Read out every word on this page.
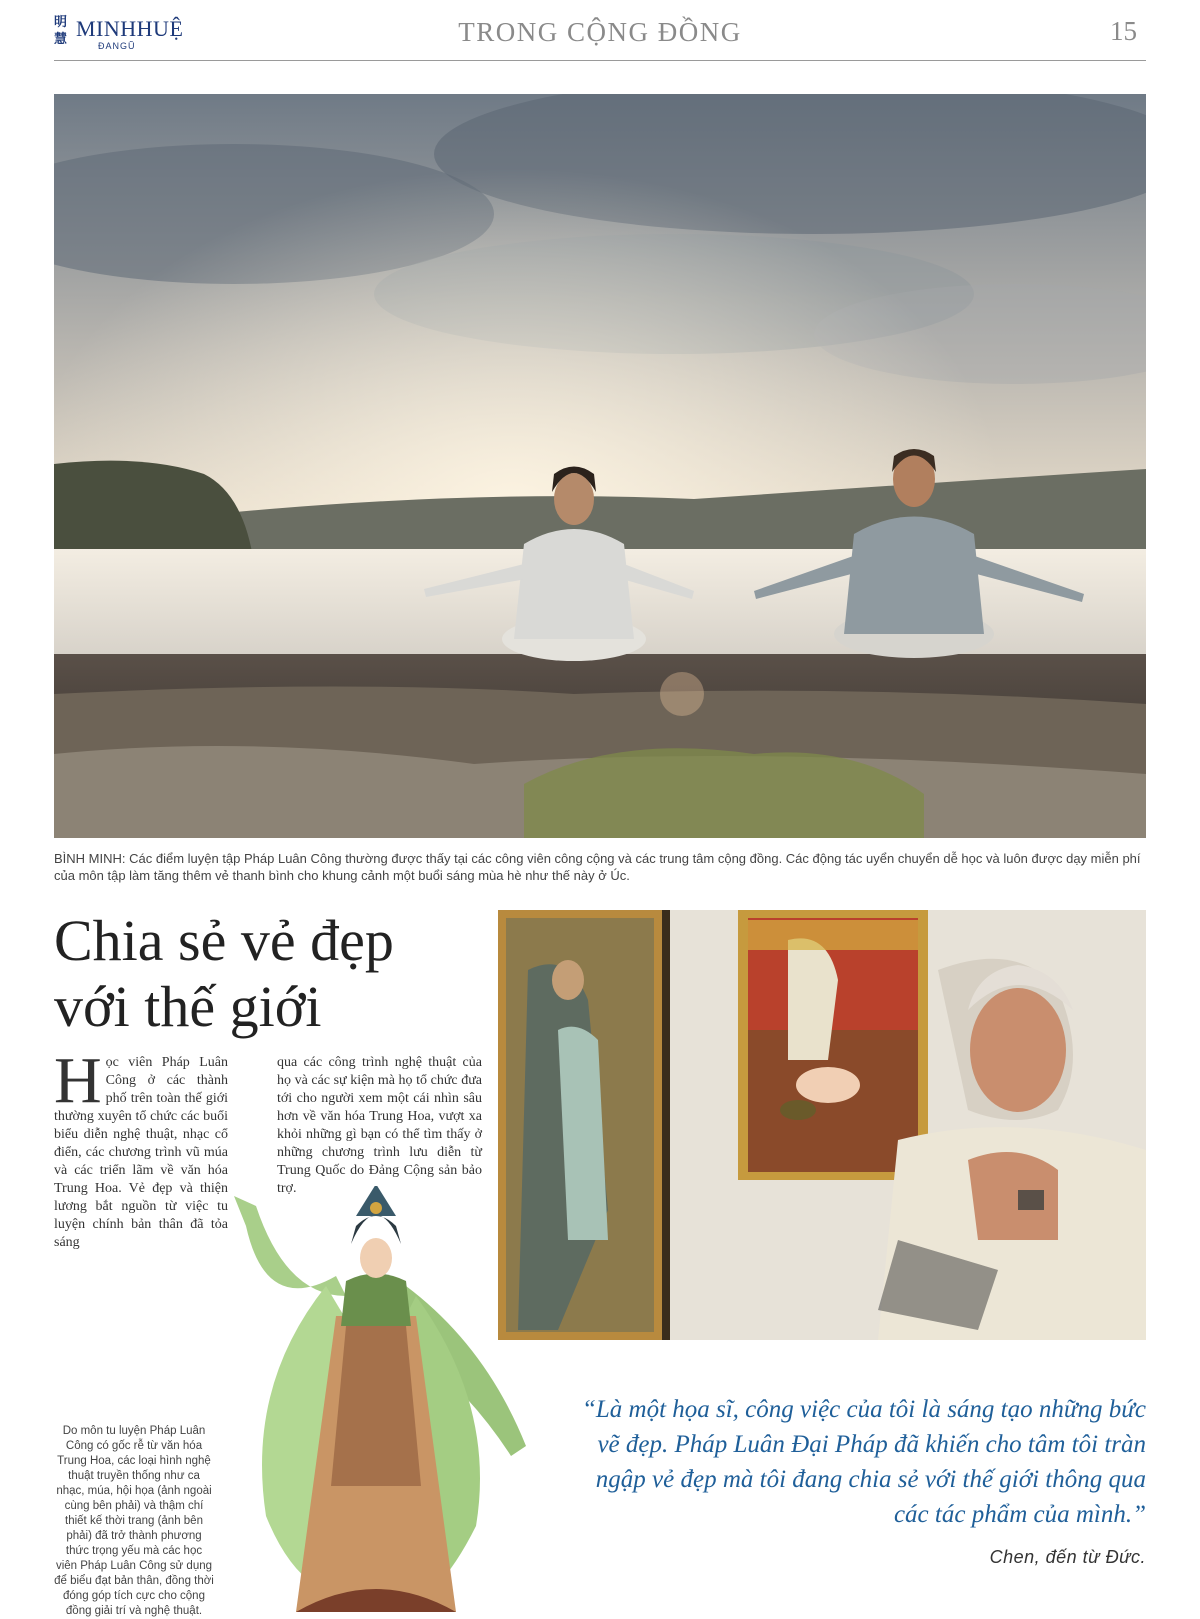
明慧 MINHHUỆ
ĐANGŨ	TRONG CỘNG ĐỒNG	15
BÌNH MINH: Các điểm luyện tập Pháp Luân Công thường được thấy tại các công viên công cộng và các trung tâm cộng đồng. Các động tác uyển chuyển dễ học và luôn được dạy miễn phí của môn tập làm tăng thêm vẻ thanh bình cho khung cảnh một buổi sáng mùa hè như thế này ở Úc.
Chia sẻ vẻ đẹp
với thế giới
Học viên Pháp Luân Công ở các thành phố trên toàn thế giới thường xuyên tổ chức các buổi biểu diễn nghệ thuật, nhạc cổ điển, các chương trình vũ múa và các triển lãm về văn hóa Trung Hoa. Vẻ đẹp và thiện lương bắt nguồn từ việc tu luyện chính bản thân đã tỏa sáng
qua các công trình nghệ thuật của họ và các sự kiện mà họ tổ chức đưa tới cho người xem một cái nhìn sâu hơn về văn hóa Trung Hoa, vượt xa khỏi những gì bạn có thể tìm thấy ở những chương trình lưu diễn từ Trung Quốc do Đảng Cộng sản bảo trợ.
Do môn tu luyện Pháp Luân Công có gốc rễ từ văn hóa Trung Hoa, các loại hình nghệ thuật truyền thống như ca nhạc, múa, hội họa (ảnh ngoài cùng bên phải) và thậm chí thiết kế thời trang (ảnh bên phải) đã trở thành phương thức trọng yếu mà các học viên Pháp Luân Công sử dụng để biểu đạt bản thân, đồng thời đóng góp tích cực cho cộng đồng giải trí và nghệ thuật.
“Là một họa sĩ, công việc của tôi là sáng tạo những bức vẽ đẹp. Pháp Luân Đại Pháp đã khiến cho tâm tôi tràn ngập vẻ đẹp mà tôi đang chia sẻ với thế giới thông qua các tác phẩm của mình.”
Chen, đến từ Đức.
